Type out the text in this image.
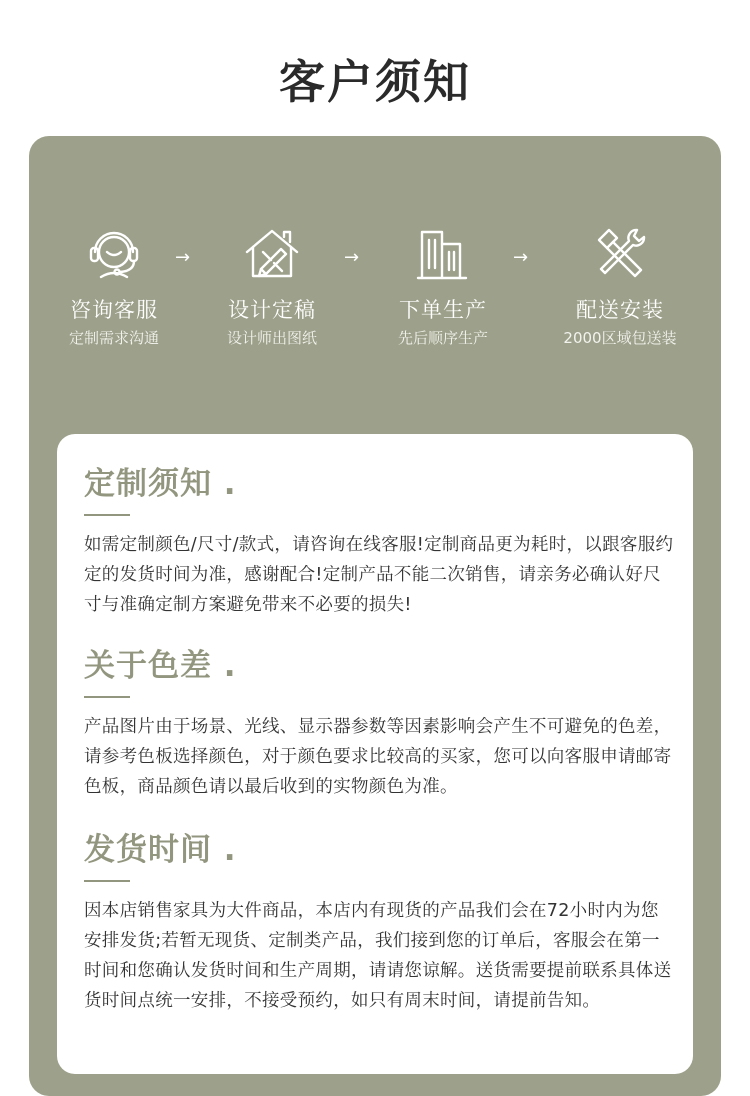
客户须知
咨询客服
定制需求沟通
→
设计定稿
设计师出图纸
→
下单生产
先后顺序生产
→
配送安装
2000区域包送装
定制须知 .
如需定制颜色/尺寸/款式，请咨询在线客服!定制商品更为耗时，以跟客服约定的发货时间为准，感谢配合!定制产品不能二次销售，请亲务必确认好尺寸与准确定制方案避免带来不必要的损失!
关于色差 .
产品图片由于场景、光线、显示器参数等因素影响会产生不可避免的色差，请参考色板选择颜色，对于颜色要求比较高的买家，您可以向客服申请邮寄色板，商品颜色请以最后收到的实物颜色为准。
发货时间 .
因本店销售家具为大件商品，本店内有现货的产品我们会在72小时内为您安排发货;若暂无现货、定制类产品，我们接到您的订单后，客服会在第一时间和您确认发货时间和生产周期，请请您谅解。送货需要提前联系具体送货时间点统一安排，不接受预约，如只有周末时间，请提前告知。
